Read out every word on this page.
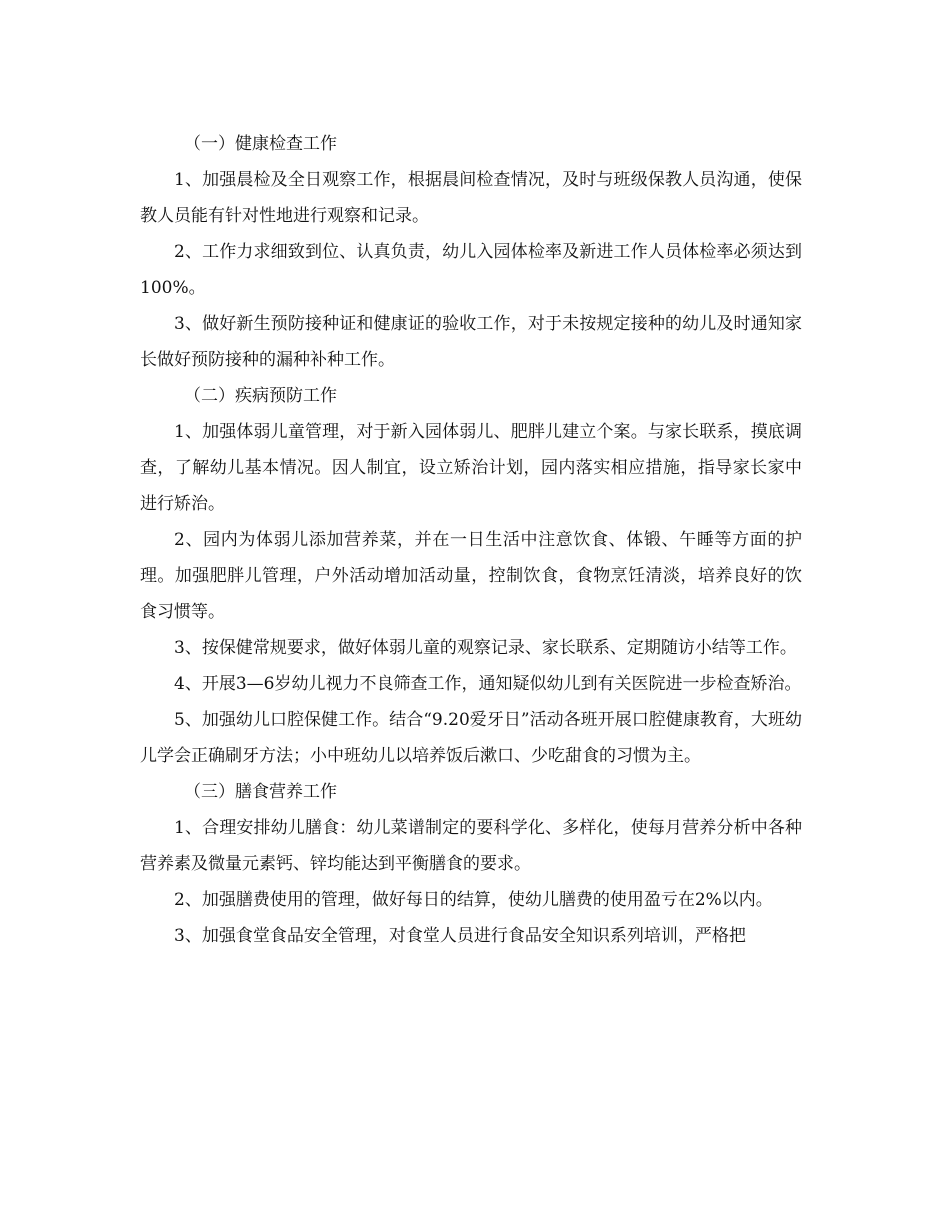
（一）健康检查工作

1、加强晨检及全日观察工作，根据晨间检查情况，及时与班级保教人员沟通，使保教人员能有针对性地进行观察和记录。

2、工作力求细致到位、认真负责，幼儿入园体检率及新进工作人员体检率必须达到100%。

3、做好新生预防接种证和健康证的验收工作，对于未按规定接种的幼儿及时通知家长做好预防接种的漏种补种工作。

（二）疾病预防工作

1、加强体弱儿童管理，对于新入园体弱儿、肥胖儿建立个案。与家长联系，摸底调查，了解幼儿基本情况。因人制宜，设立矫治计划，园内落实相应措施，指导家长家中进行矫治。

2、园内为体弱儿添加营养菜，并在一日生活中注意饮食、体锻、午睡等方面的护理。加强肥胖儿管理，户外活动增加活动量，控制饮食，食物烹饪清淡，培养良好的饮食习惯等。

3、按保健常规要求，做好体弱儿童的观察记录、家长联系、定期随访小结等工作。

4、开展3—6岁幼儿视力不良筛查工作，通知疑似幼儿到有关医院进一步检查矫治。

5、加强幼儿口腔保健工作。结合“9.20爱牙日”活动各班开展口腔健康教育，大班幼儿学会正确刷牙方法；小中班幼儿以培养饭后漱口、少吃甜食的习惯为主。

（三）膳食营养工作

1、合理安排幼儿膳食：幼儿菜谱制定的要科学化、多样化，使每月营养分析中各种营养素及微量元素钙、锌均能达到平衡膳食的要求。

2、加强膳费使用的管理，做好每日的结算，使幼儿膳费的使用盈亏在2%以内。

3、加强食堂食品安全管理，对食堂人员进行食品安全知识系列培训，严格把
